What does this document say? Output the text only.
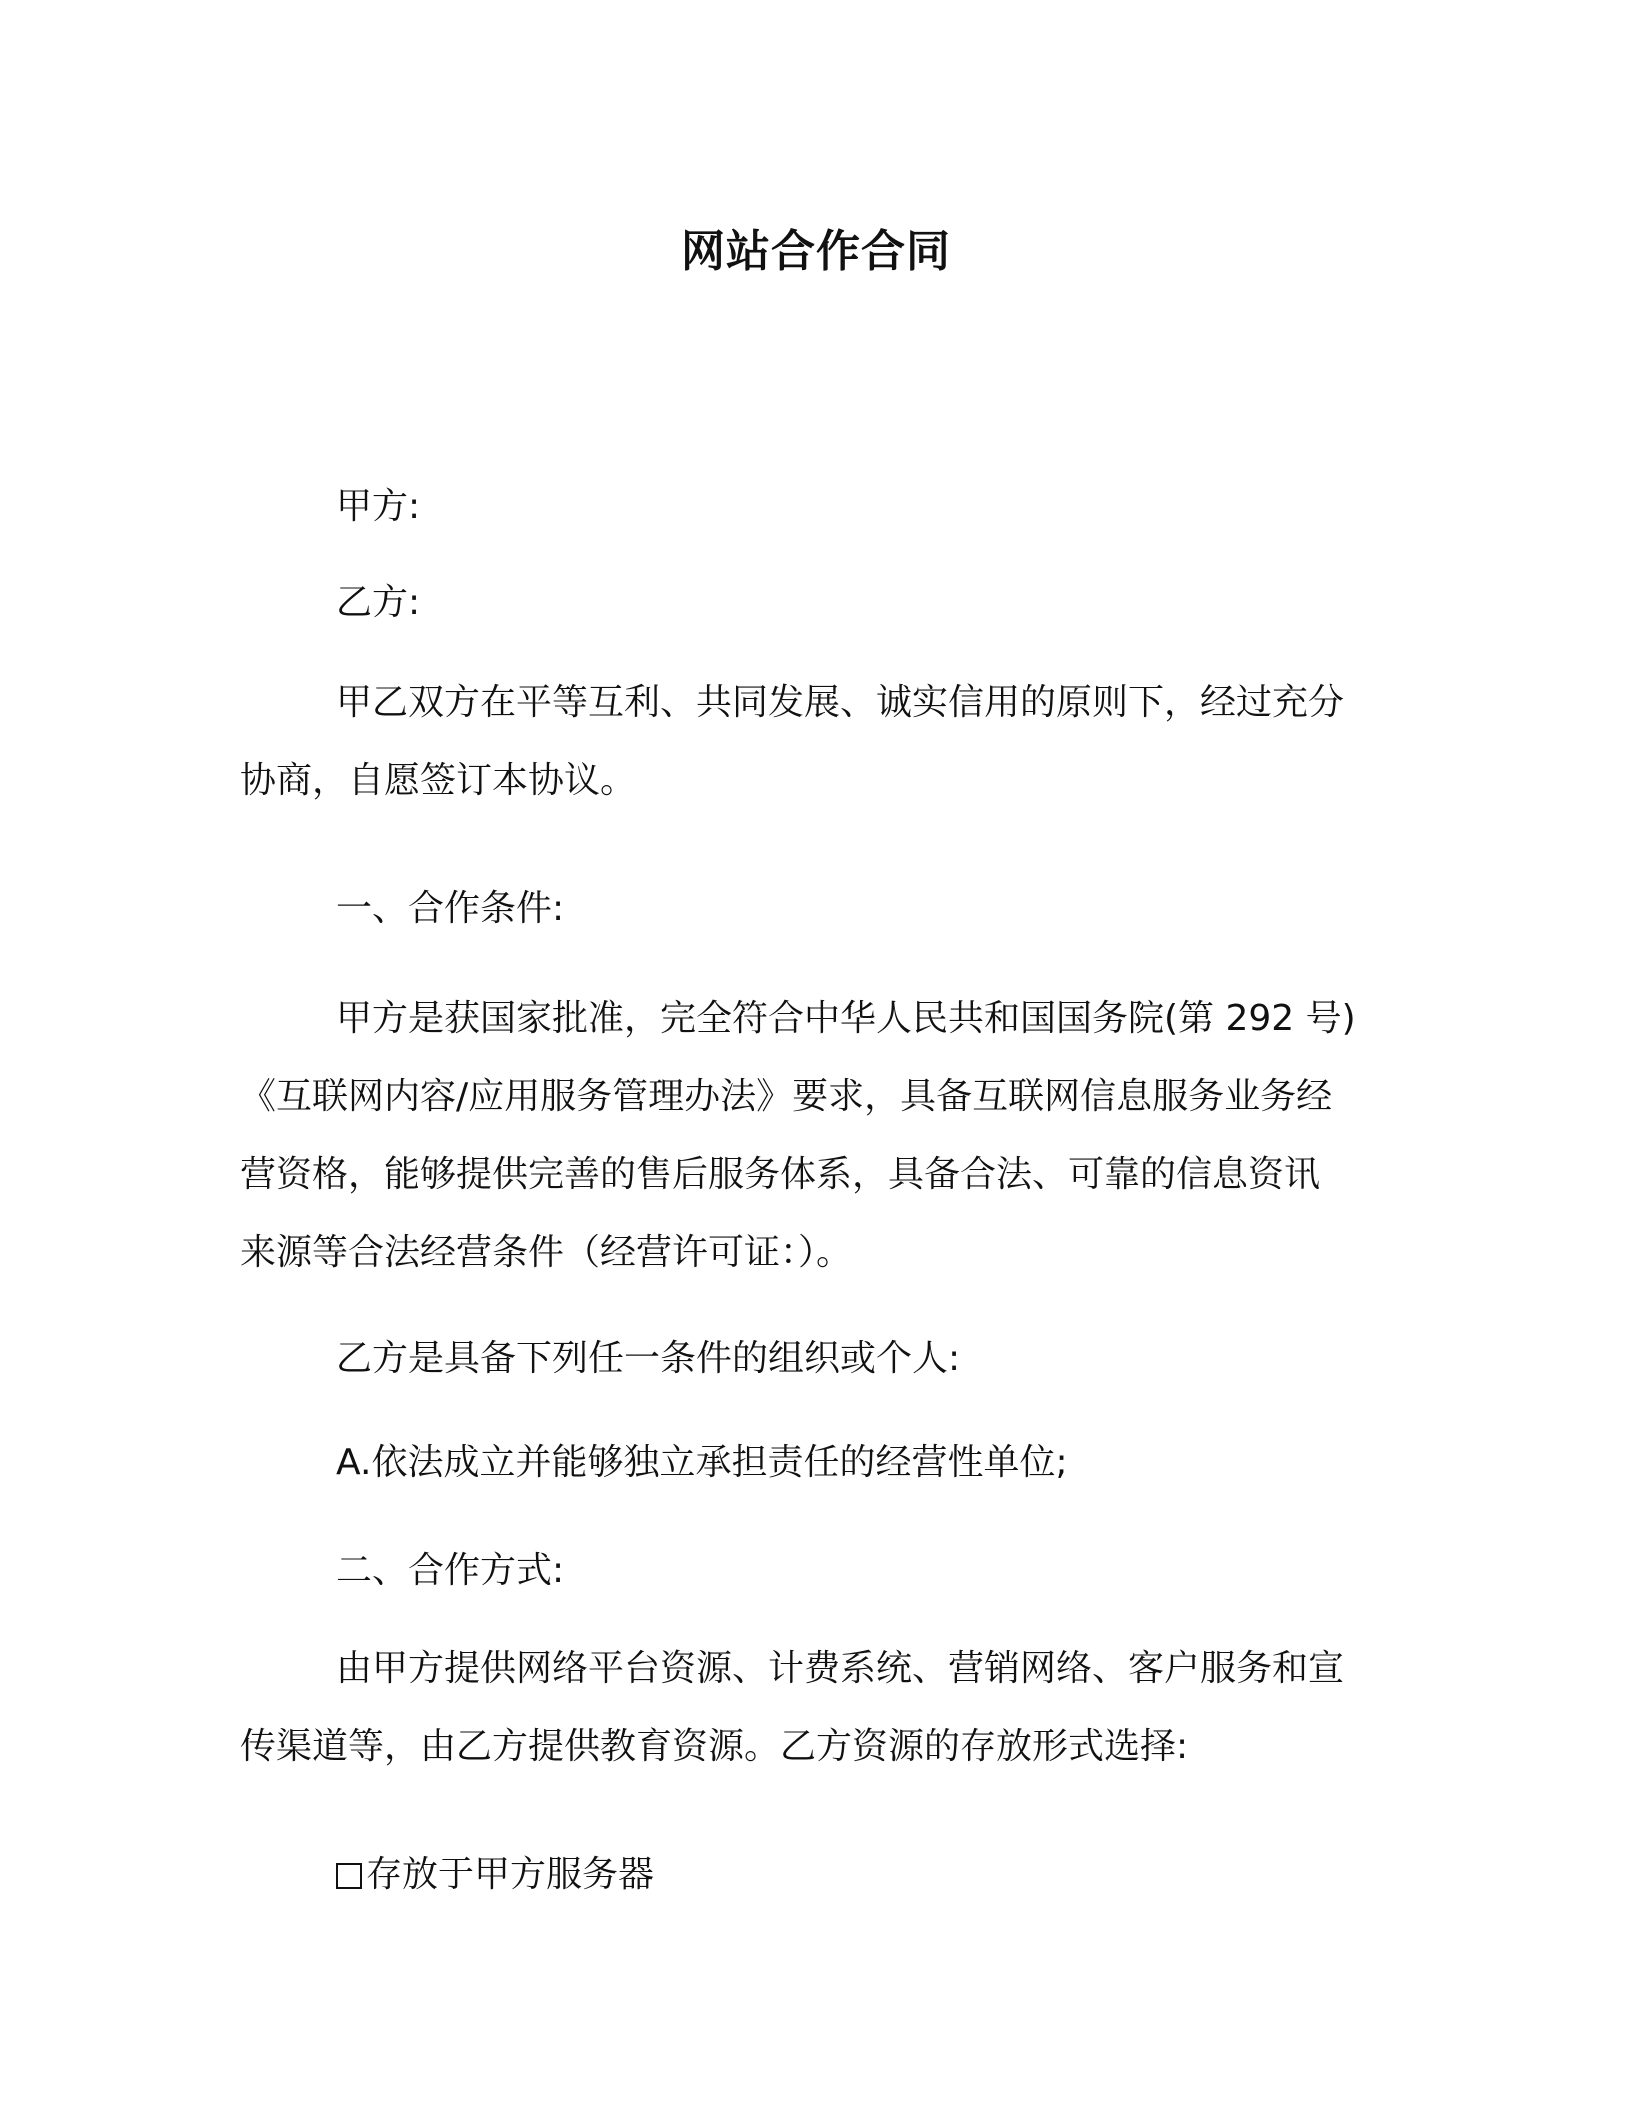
网站合作合同

甲方:

乙方:

甲乙双方在平等互利、共同发展、诚实信用的原则下，经过充分
协商，自愿签订本协议。

一、合作条件:

甲方是获国家批准，完全符合中华人民共和国国务院(第 292 号)
《互联网内容/应用服务管理办法》要求，具备互联网信息服务业务经
营资格，能够提供完善的售后服务体系，具备合法、可靠的信息资讯
来源等合法经营条件（经营许可证：）。

乙方是具备下列任一条件的组织或个人:

A.依法成立并能够独立承担责任的经营性单位;

二、合作方式:

由甲方提供网络平台资源、计费系统、营销网络、客户服务和宣
传渠道等，由乙方提供教育资源。乙方资源的存放形式选择:

存放于甲方服务器
